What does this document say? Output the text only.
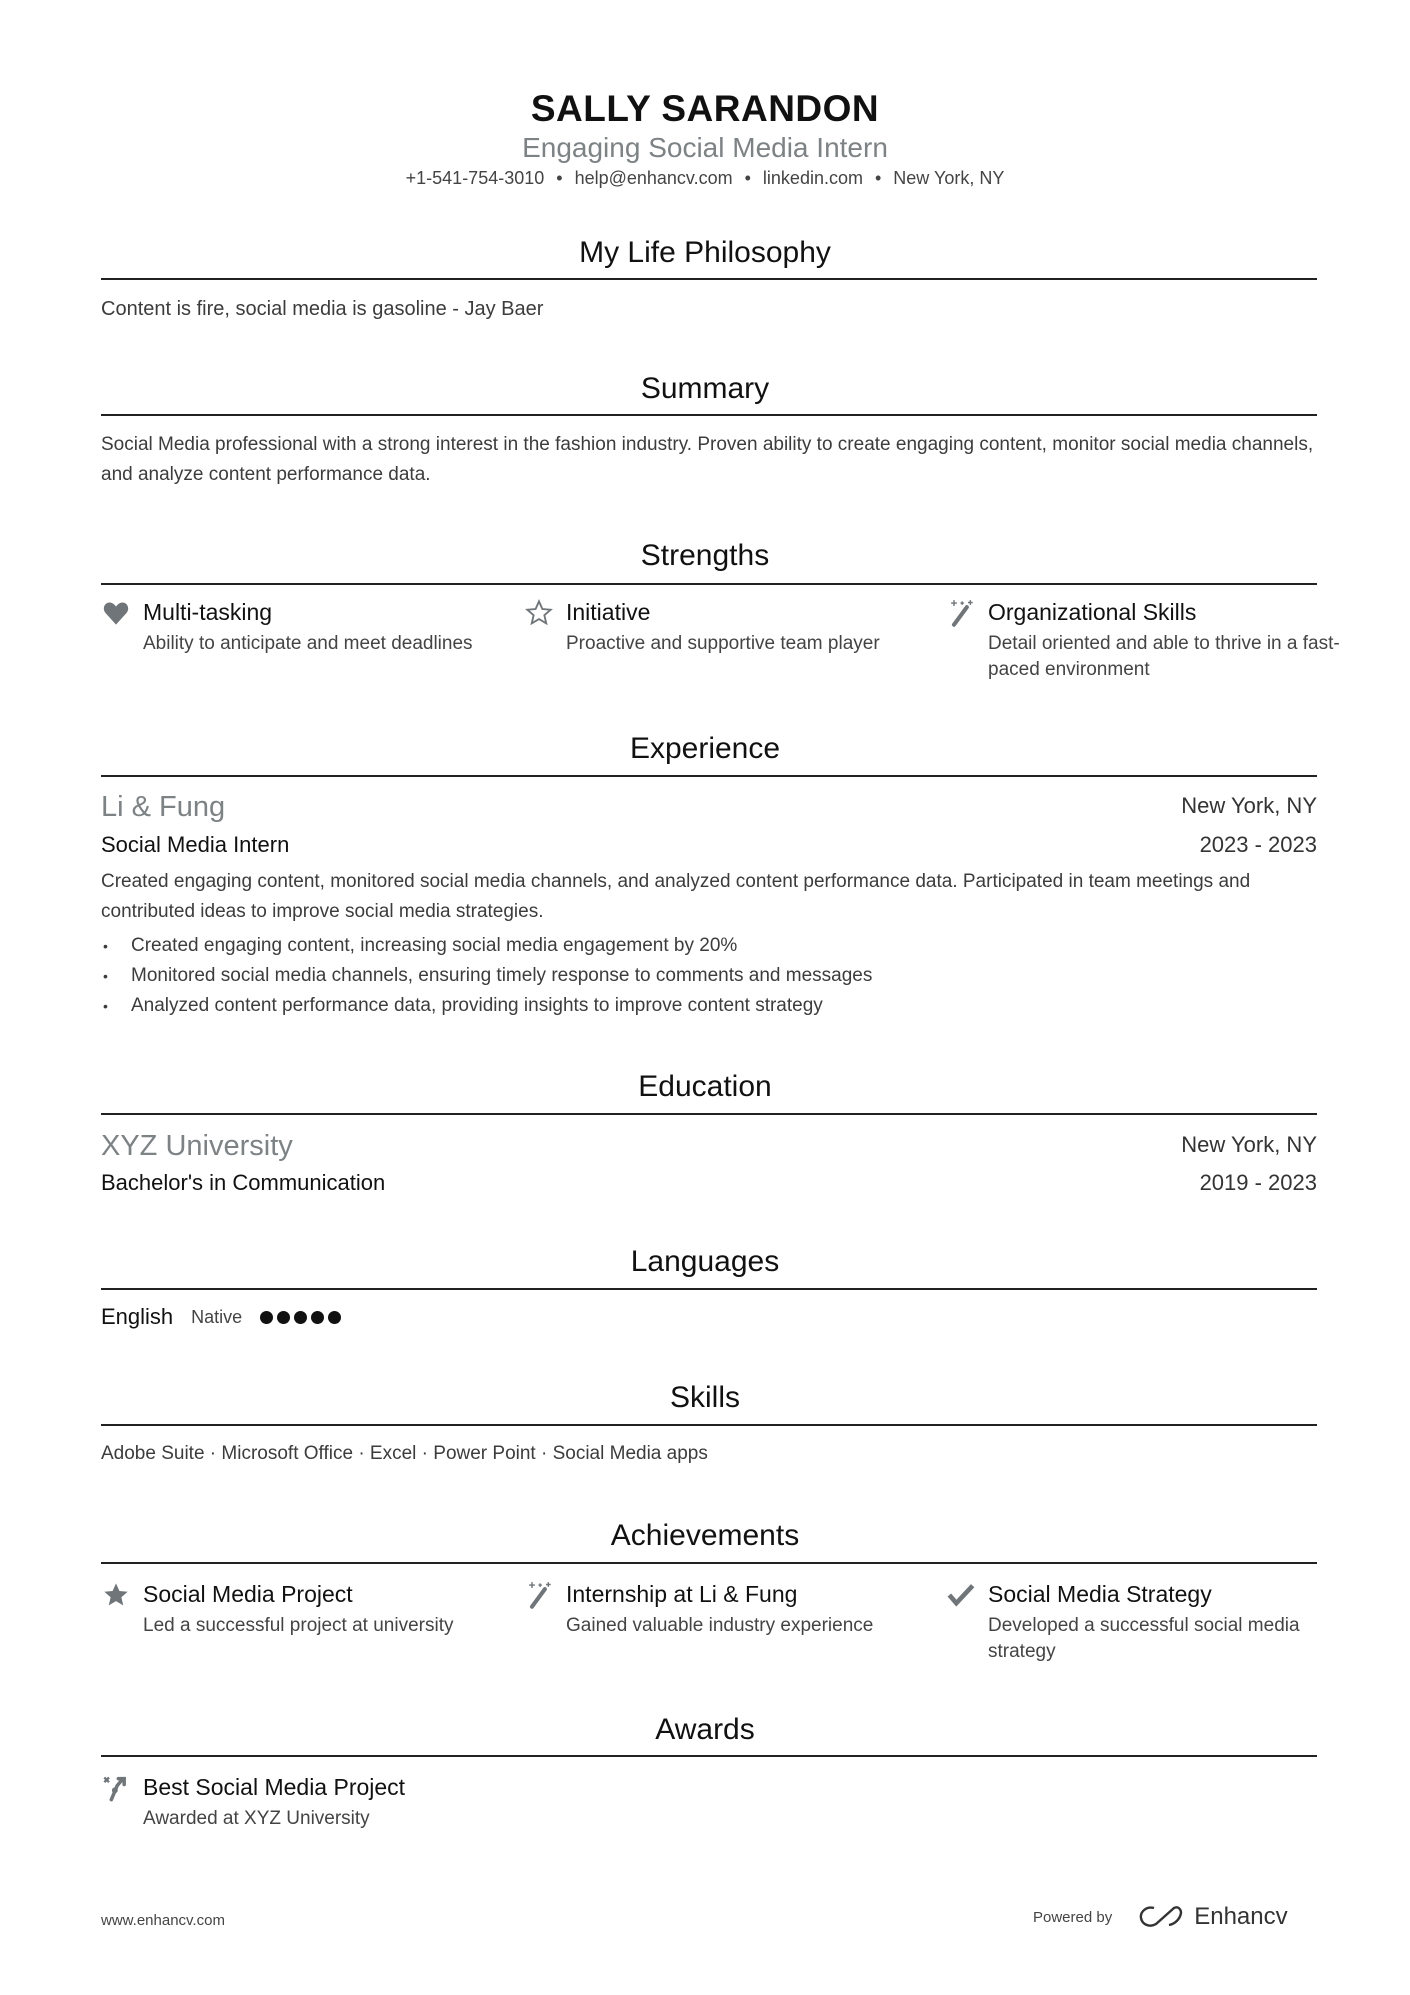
SALLY SARANDON
Engaging Social Media Intern
+1-541-754-3010 • help@enhancv.com • linkedin.com • New York, NY
My Life Philosophy
Content is fire, social media is gasoline - Jay Baer
Summary
Social Media professional with a strong interest in the fashion industry. Proven ability to create engaging content, monitor social media channels, and analyze content performance data.
Strengths
Multi-tasking
Ability to anticipate and meet deadlines
Initiative
Proactive and supportive team player
Organizational Skills
Detail oriented and able to thrive in a fast-paced environment
Experience
Li & Fung	New York, NY
Social Media Intern	2023 - 2023
Created engaging content, monitored social media channels, and analyzed content performance data. Participated in team meetings and contributed ideas to improve social media strategies.
• Created engaging content, increasing social media engagement by 20%
• Monitored social media channels, ensuring timely response to comments and messages
• Analyzed content performance data, providing insights to improve content strategy
Education
XYZ University	New York, NY
Bachelor's in Communication	2019 - 2023
Languages
English Native
Skills
Adobe Suite · Microsoft Office · Excel · Power Point · Social Media apps
Achievements
Social Media Project
Led a successful project at university
Internship at Li & Fung
Gained valuable industry experience
Social Media Strategy
Developed a successful social media strategy
Awards
Best Social Media Project
Awarded at XYZ University
www.enhancv.com	Powered by	Enhancv
